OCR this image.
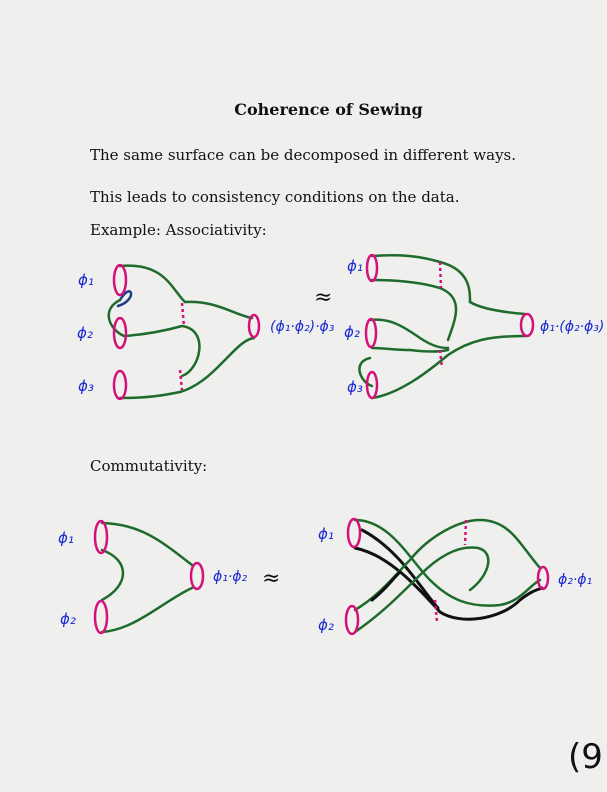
Coherence of Sewing
The same surface can be decomposed in different ways.
This leads to consistency conditions on the data.
Example: Associativity:
Commutativity:
ϕ₁
ϕ₂
ϕ₃
(ϕ₁·ϕ₂)·ϕ₃
≈
ϕ₁
ϕ₂
ϕ₃
ϕ₁·(ϕ₂·ϕ₃)
ϕ₁
ϕ₂
ϕ₁·ϕ₂ ≈
ϕ₁
ϕ₂
ϕ₂·ϕ₁
(9
